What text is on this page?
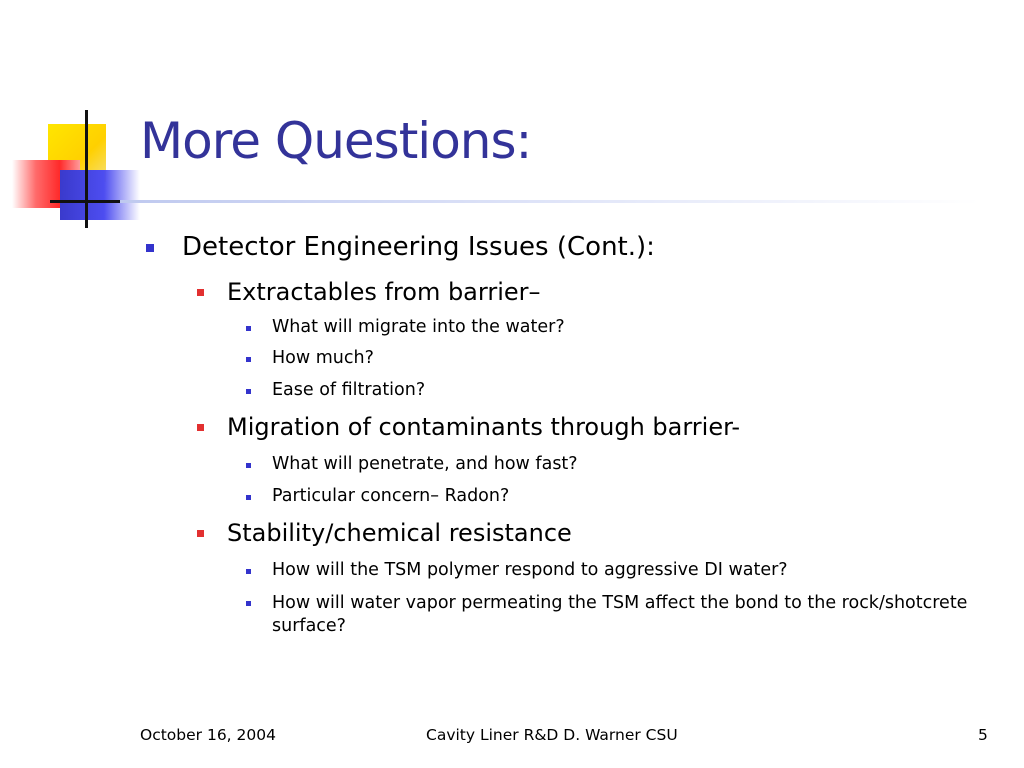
More Questions:
Detector Engineering Issues (Cont.):
Extractables from barrier–
What will migrate into the water?
How much?
Ease of filtration?
Migration of contaminants through barrier-
What will penetrate, and how fast?
Particular concern– Radon?
Stability/chemical resistance
How will the TSM polymer respond to aggressive DI water?
How will water vapor permeating the TSM affect the bond to the rock/shotcrete surface?
October 16, 2004	Cavity Liner R&D D. Warner CSU	5
